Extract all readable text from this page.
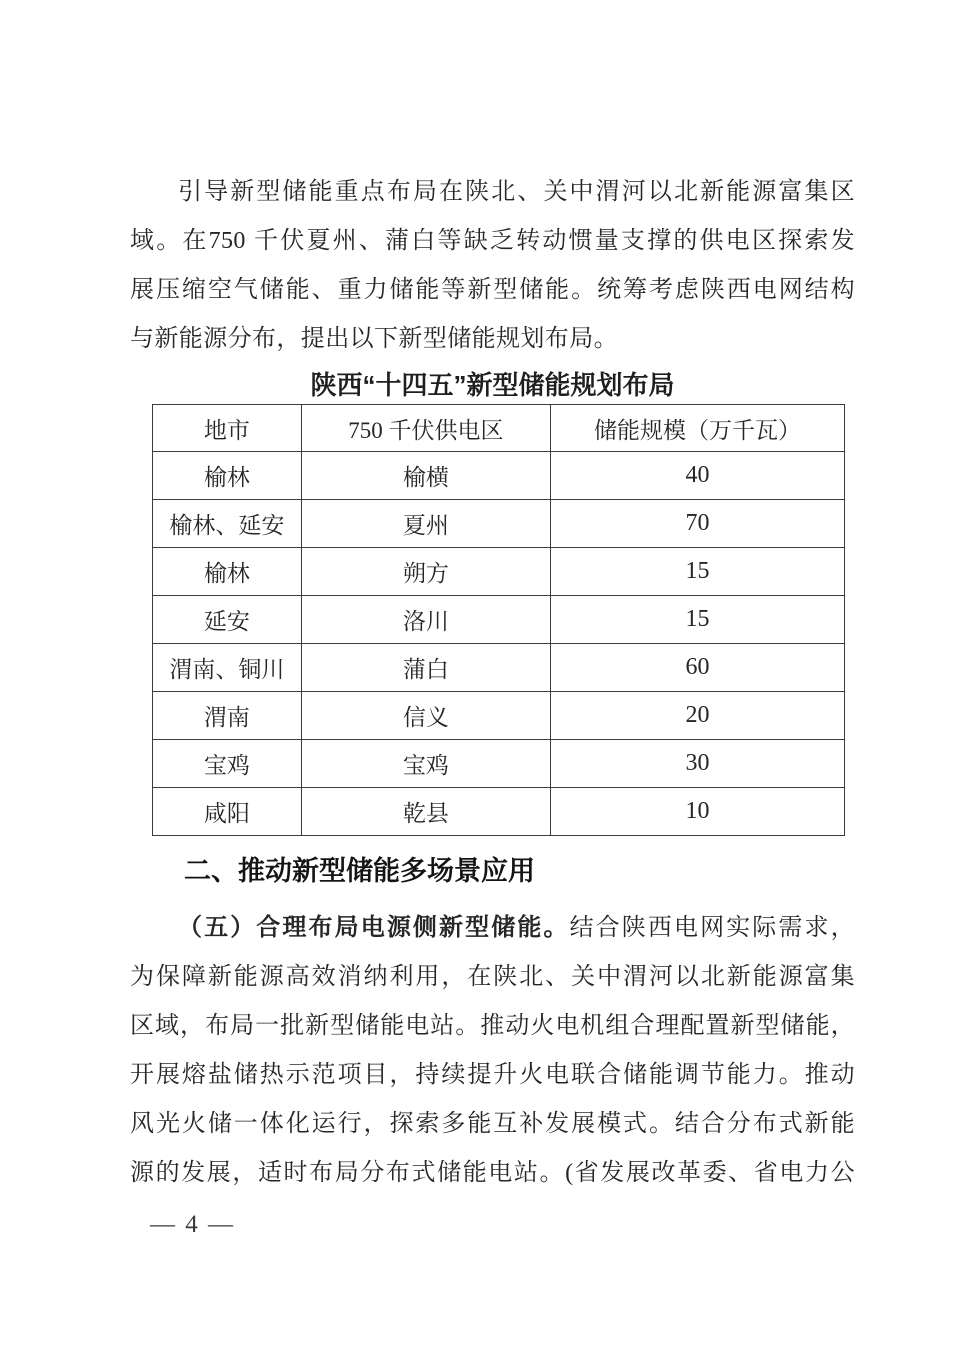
引导新型储能重点布局在陕北、关中渭河以北新能源富集区
域。在750 千伏夏州、蒲白等缺乏转动惯量支撑的供电区探索发
展压缩空气储能、重力储能等新型储能。统筹考虑陕西电网结构
与新能源分布，提出以下新型储能规划布局。
陕西“十四五”新型储能规划布局
地市	750 千伏供电区	储能规模（万千瓦）
榆林	榆横	40
榆林、延安	夏州	70
榆林	朔方	15
延安	洛川	15
渭南、铜川	蒲白	60
渭南	信义	20
宝鸡	宝鸡	30
咸阳	乾县	10
二、推动新型储能多场景应用
（五）合理布局电源侧新型储能。结合陕西电网实际需求，
为保障新能源高效消纳利用，在陕北、关中渭河以北新能源富集
区域，布局一批新型储能电站。推动火电机组合理配置新型储能，
开展熔盐储热示范项目，持续提升火电联合储能调节能力。推动
风光火储一体化运行，探索多能互补发展模式。结合分布式新能
源的发展，适时布局分布式储能电站。(省发展改革委、省电力公
— 4 —
